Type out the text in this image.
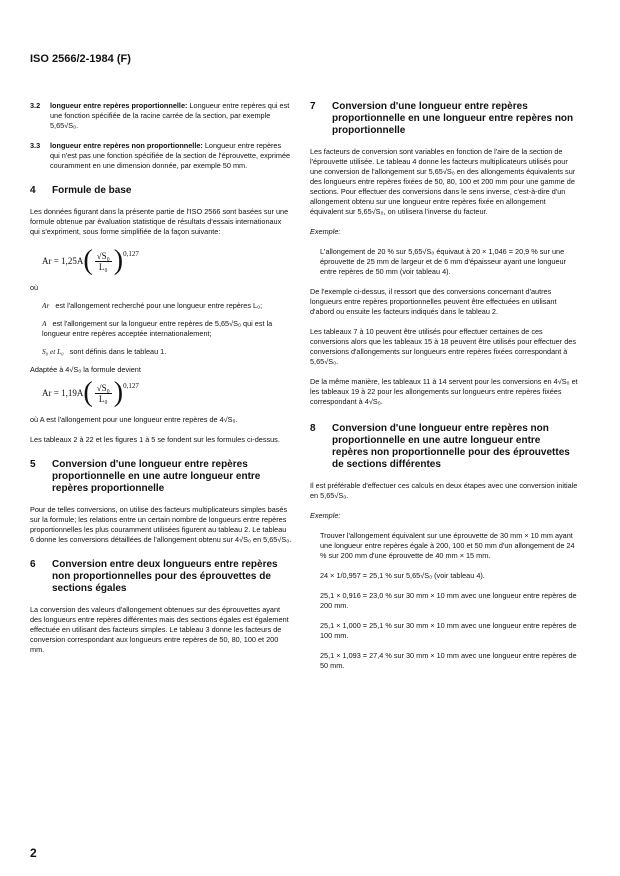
ISO 2566/2-1984 (F)
3.2	longueur entre repères proportionnelle: Longueur entre repères qui est une fonction spécifiée de la racine carrée de la section, par exemple 5,65√S₀.
3.3	longueur entre repères non proportionnelle: Longueur entre repères qui n'est pas une fonction spécifiée de la section de l'éprouvette, exprimée couramment en une dimension donnée, par exemple 50 mm.
4	Formule de base

Les données figurant dans la présente partie de l'ISO 2566 sont basées sur une formule obtenue par évaluation statistique de résultats d'essais internationaux qui s'expriment, sous forme simplifiée de la façon suivante:

Ar = 1,25A ( $\frac{\text{√S₀}}{\text{L₀}}$ ) 0,127

où

Ar est l'allongement recherché pour une longueur entre repères L₀;
A est l'allongement sur la longueur entre repères de 5,65√S₀ qui est la longueur entre repères acceptée internationalement;
S₀ et L₀ sont définis dans le tableau 1.

Adaptée à 4√S₀ la formule devient

Ar = 1,19A ( $\frac{\text{√S₀}}{\text{L₀}}$ ) 0,127

où A est l'allongement pour une longueur entre repères de 4√S₀.

Les tableaux 2 à 22 et les figures 1 à 5 se fondent sur les formules ci-dessus.

5	Conversion d'une longueur entre repères proportionnelle en une autre longueur entre repères proportionnelle

Pour de telles conversions, on utilise des facteurs multiplicateurs simples basés sur la formule; les relations entre un certain nombre de longueurs entre repères proportionnelles les plus couramment utilisées figurent au tableau 2. Le tableau 6 donne les conversions détaillées de l'allongement obtenu sur 4√S₀ en 5,65√S₀.

6	Conversion entre deux longueurs entre repères non proportionnelles pour des éprouvettes de sections égales

La conversion des valeurs d'allongement obtenues sur des éprouvettes ayant des longueurs entre repères différentes mais des sections égales est également effectuée en utilisant des facteurs simples. Le tableau 3 donne les facteurs de conversion correspondant aux longueurs entre repères de 50, 80, 100 et 200 mm.

7	Conversion d'une longueur entre repères proportionnelle en une longueur entre repères non proportionnelle

Les facteurs de conversion sont variables en fonction de l'aire de la section de l'éprouvette utilisée. Le tableau 4 donne les facteurs multiplicateurs utilisés pour une conversion de l'allongement sur 5,65√S₀ en des allongements équivalents sur des longueurs entre repères fixées de 50, 80, 100 et 200 mm pour une gamme de sections. Pour effectuer des conversions dans le sens inverse, c'est-à-dire d'un allongement obtenu sur une longueur entre repères fixée en allongement équivalent sur 5,65√S₀, on utilisera l'inverse du facteur.

Exemple:

L'allongement de 20 % sur 5,65√S₀ équivaut à 20 × 1,046 = 20,9 % sur une éprouvette de 25 mm de largeur et de 6 mm d'épaisseur ayant une longueur entre repères de 50 mm (voir tableau 4).

De l'exemple ci-dessus, il ressort que des conversions concernant d'autres longueurs entre repères proportionnelles peuvent être effectuées en utilisant d'abord ou ensuite les facteurs indiqués dans le tableau 2.

Les tableaux 7 à 10 peuvent être utilisés pour effectuer certaines de ces conversions alors que les tableaux 15 à 18 peuvent être utilisés pour effectuer des conversions d'allongements sur longueurs entre repères fixées correspondant à 5,65√S₀.

De la même manière, les tableaux 11 à 14 servent pour les conversions en 4√S₀ et les tableaux 19 à 22 pour les allongements sur longueurs entre repères fixées correspondant à 4√S₀.

8	Conversion d'une longueur entre repères non proportionnelle en une autre longueur entre repères non proportionnelle pour des éprouvettes de sections différentes

Il est préférable d'effectuer ces calculs en deux étapes avec une conversion initiale en 5,65√S₀.

Exemple:

Trouver l'allongement équivalent sur une éprouvette de 30 mm × 10 mm ayant une longueur entre repères égale à 200, 100 et 50 mm d'un allongement de 24 % sur 200 mm d'une éprouvette de 40 mm × 15 mm.

24 × 1/0,957 = 25,1 % sur 5,65√S₀ (voir tableau 4).

25,1 × 0,916 = 23,0 % sur 30 mm × 10 mm avec une longueur entre repères de 200 mm.

25,1 × 1,000 = 25,1 % sur 30 mm × 10 mm avec une longueur entre repères de 100 mm.

25,1 × 1,093 = 27,4 % sur 30 mm × 10 mm avec une longueur entre repères de 50 mm.

2
